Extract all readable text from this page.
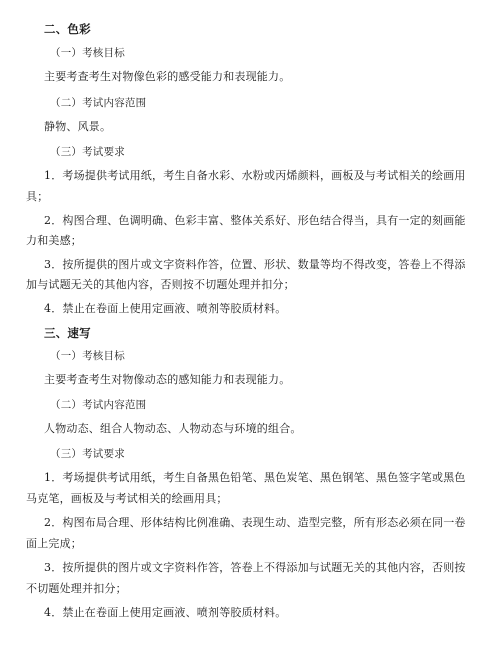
二、色彩
（一）考核目标
主要考查考生对物像色彩的感受能力和表现能力。
（二）考试内容范围
静物、风景。
（三）考试要求
1．考场提供考试用纸，考生自备水彩、水粉或丙烯颜料，画板及与考试相关的绘画用
具；
2．构图合理、色调明确、色彩丰富、整体关系好、形色结合得当，具有一定的刻画能
力和美感；
3．按所提供的图片或文字资料作答，位置、形状、数量等均不得改变，答卷上不得添
加与试题无关的其他内容，否则按不切题处理并扣分；
4．禁止在卷面上使用定画液、喷剂等胶质材料。
三、速写
（一）考核目标
主要考查考生对物像动态的感知能力和表现能力。
（二）考试内容范围
人物动态、组合人物动态、人物动态与环境的组合。
（三）考试要求
1．考场提供考试用纸，考生自备黑色铅笔、黑色炭笔、黑色钢笔、黑色签字笔或黑色
马克笔，画板及与考试相关的绘画用具；
2．构图布局合理、形体结构比例准确、表现生动、造型完整，所有形态必须在同一卷
面上完成；
3．按所提供的图片或文字资料作答，答卷上不得添加与试题无关的其他内容，否则按
不切题处理并扣分；
4．禁止在卷面上使用定画液、喷剂等胶质材料。
